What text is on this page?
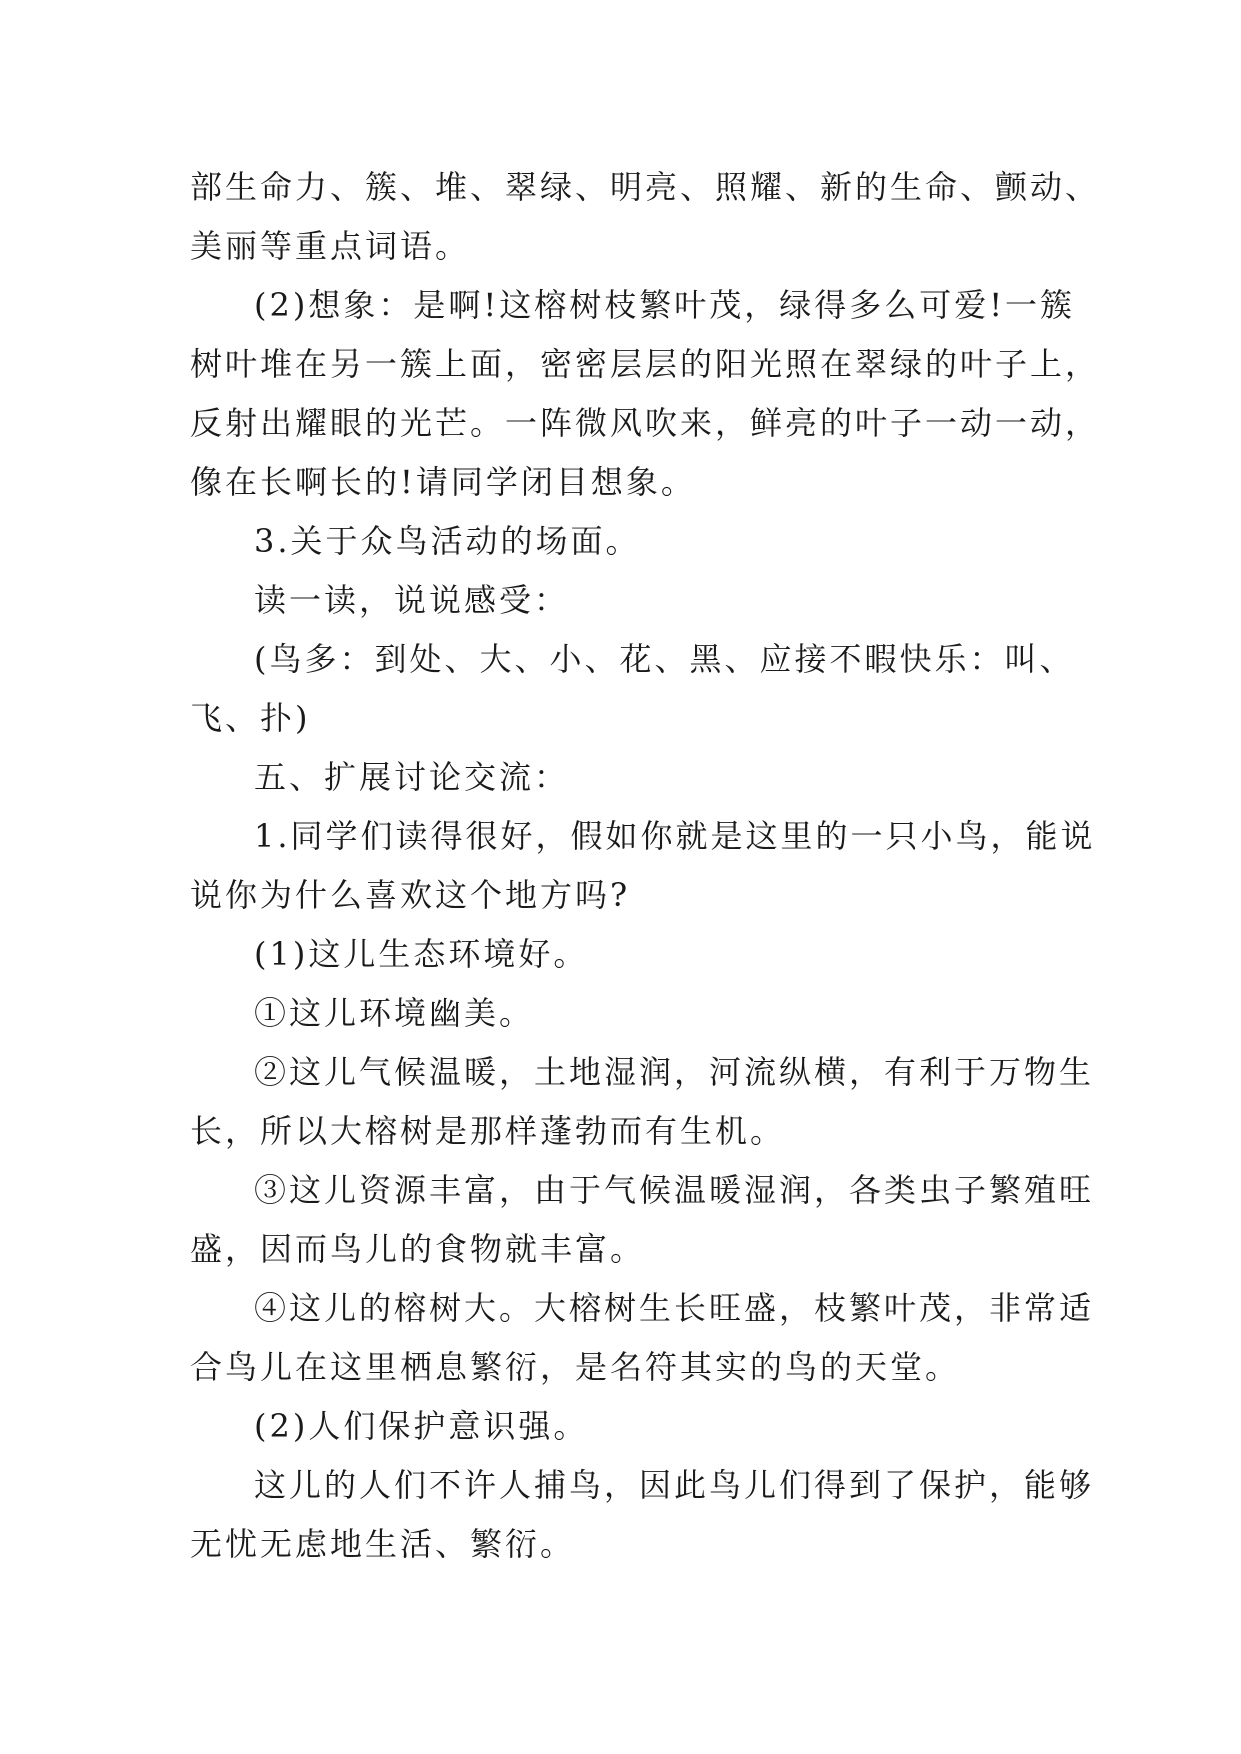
部生命力、簇、堆、翠绿、明亮、照耀、新的生命、颤动、
美丽等重点词语。
(2)想象：是啊!这榕树枝繁叶茂，绿得多么可爱!一簇
树叶堆在另一簇上面，密密层层的阳光照在翠绿的叶子上，
反射出耀眼的光芒。一阵微风吹来，鲜亮的叶子一动一动，
像在长啊长的!请同学闭目想象。
3.关于众鸟活动的场面。
读一读，说说感受：
(鸟多：到处、大、小、花、黑、应接不暇快乐：叫、
飞、扑)
五、扩展讨论交流：
1.同学们读得很好，假如你就是这里的一只小鸟，能说
说你为什么喜欢这个地方吗?
(1)这儿生态环境好。
①这儿环境幽美。
②这儿气候温暖，土地湿润，河流纵横，有利于万物生
长，所以大榕树是那样蓬勃而有生机。
③这儿资源丰富，由于气候温暖湿润，各类虫子繁殖旺
盛，因而鸟儿的食物就丰富。
④这儿的榕树大。大榕树生长旺盛，枝繁叶茂，非常适
合鸟儿在这里栖息繁衍，是名符其实的鸟的天堂。
(2)人们保护意识强。
这儿的人们不许人捕鸟，因此鸟儿们得到了保护，能够
无忧无虑地生活、繁衍。
